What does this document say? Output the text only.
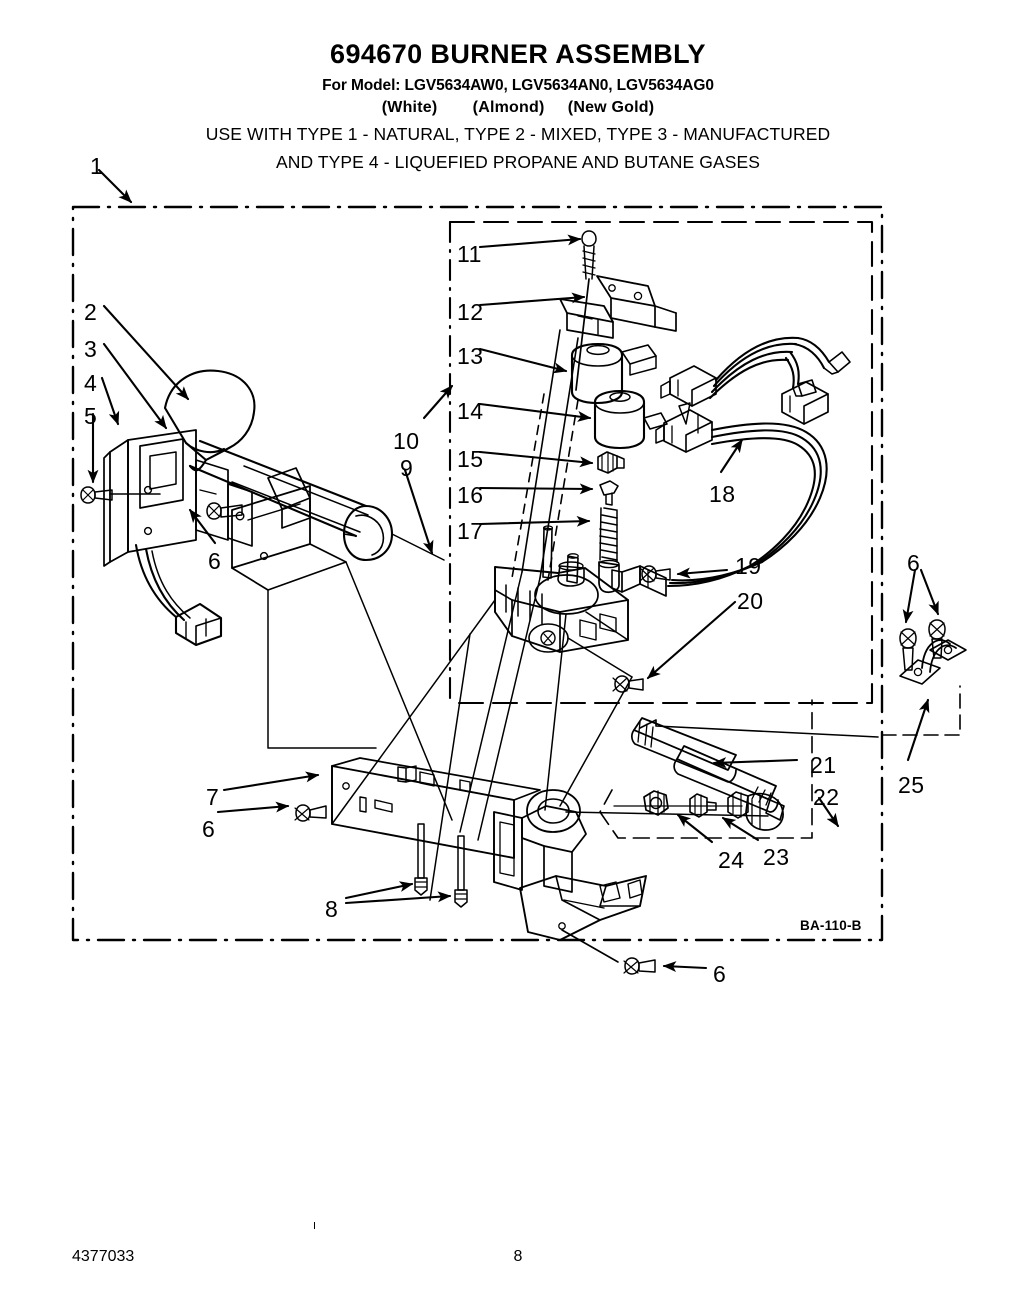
694670 BURNER ASSEMBLY
For Model: LGV5634AW0, LGV5634AN0, LGV5634AG0
(White) (Almond) (New Gold)
USE WITH TYPE 1 - NATURAL, TYPE 2 - MIXED, TYPE 3 - MANUFACTURED
AND TYPE 4 - LIQUEFIED PROPANE AND BUTANE GASES
1
2
3
4
5
6
7
6
8
6
9
10
11
12
13
14
15
16
17
18
19
20
21
22
23
24
25
6
BA-110-B
4377033	8
